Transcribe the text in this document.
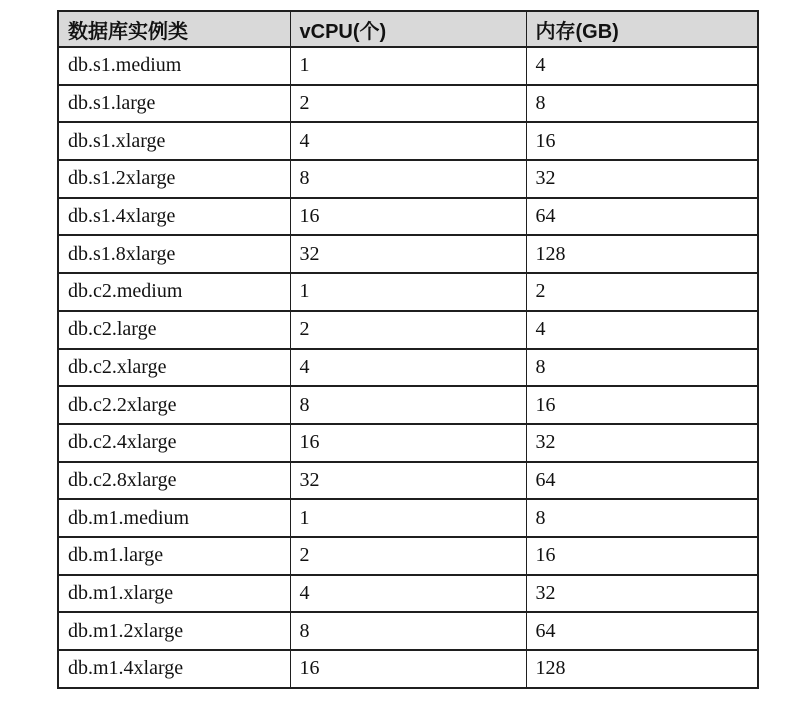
数据库实例类	vCPU(个)	内存(GB)
db.s1.medium	1	4
db.s1.large	2	8
db.s1.xlarge	4	16
db.s1.2xlarge	8	32
db.s1.4xlarge	16	64
db.s1.8xlarge	32	128
db.c2.medium	1	2
db.c2.large	2	4
db.c2.xlarge	4	8
db.c2.2xlarge	8	16
db.c2.4xlarge	16	32
db.c2.8xlarge	32	64
db.m1.medium	1	8
db.m1.large	2	16
db.m1.xlarge	4	32
db.m1.2xlarge	8	64
db.m1.4xlarge	16	128
